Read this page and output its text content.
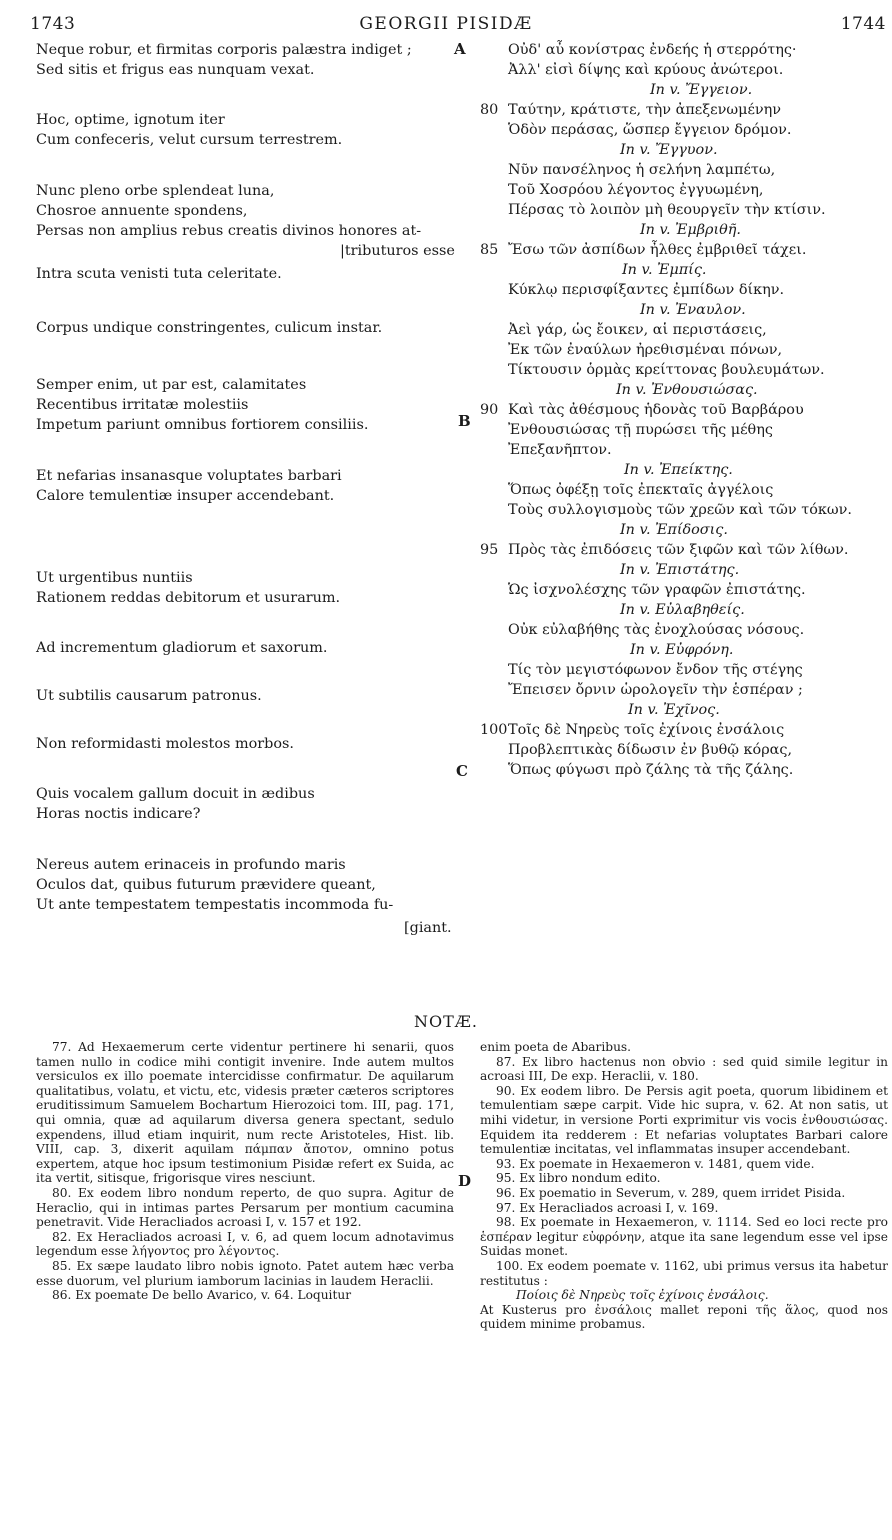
1743	GEORGII PISIDÆ	1744
A
B
C
Neque robur, et firmitas corporis palæstra indiget ;
Sed sitis et frigus eas nunquam vexat.
Hoc, optime, ignotum iter
Cum confeceris, velut cursum terrestrem.
Nunc pleno orbe splendeat luna,
Chosroe annuente spondens,
Persas non amplius rebus creatis divinos honores at-
|tributuros esse
Intra scuta venisti tuta celeritate.
Corpus undique constringentes, culicum instar.
Semper enim, ut par est, calamitates
Recentibus irritatæ molestiis
Impetum pariunt omnibus fortiorem consiliis.
Et nefarias insanasque voluptates barbari
Calore temulentiæ insuper accendebant.
Ut urgentibus nuntiis
Rationem reddas debitorum et usurarum.
Ad incrementum gladiorum et saxorum.
Ut subtilis causarum patronus.
Non reformidasti molestos morbos.
Quis vocalem gallum docuit in ædibus
Horas noctis indicare?
Nereus autem erinaceis in profundo maris
Oculos dat, quibus futurum prævidere queant,
Ut ante tempestatem tempestatis incommoda fu-
[giant.
Οὐδ' αὖ κονίστρας ἐνδεής ἡ στερρότης·
Ἀλλ' εἰσὶ δίψης καὶ κρύους ἀνώτεροι.
In v. Ἔγγειον.
80 Ταύτην, κράτιστε, τὴν ἀπεξενωμένην
Ὁδὸν περάσας, ὥσπερ ἔγγειον δρόμον.
In v. Ἔγγυον.
Νῦν πανσέληνος ἡ σελήνη λαμπέτω,
Τοῦ Χοσρόου λέγοντος ἐγγυωμένη,
Πέρσας τὸ λοιπὸν μὴ θεουργεῖν τὴν κτίσιν.
In v. Ἐμβριθῆ.
85 Ἔσω τῶν ἀσπίδων ἦλθες ἐμβριθεῖ τάχει.
In v. Ἐμπίς.
Κύκλῳ περισφίξαντες ἐμπίδων δίκην.
In v. Ἐναυλον.
Ἀεὶ γάρ, ὡς ἔοικεν, αἱ περιστάσεις,
Ἐκ τῶν ἐναύλων ἠρεθισμέναι πόνων,
Τίκτουσιν ὁρμὰς κρείττονας βουλευμάτων.
In v. Ἐνθουσιώσας.
90 Καὶ τὰς ἀθέσμους ἡδονὰς τοῦ Βαρβάρου
Ἐνθουσιώσας τῇ πυρώσει τῆς μέθης
Ἐπεξανῆπτον.
In v. Ἐπείκτης.
Ὅπως ὀφέξῃ τοῖς ἐπεκταῖς ἀγγέλοις
Τοὺς συλλογισμοὺς τῶν χρεῶν καὶ τῶν τόκων.
In v. Ἐπίδοσις.
95 Πρὸς τὰς ἐπιδόσεις τῶν ξιφῶν καὶ τῶν λίθων.
In v. Ἐπιστάτης.
Ὡς ἰσχνολέσχης τῶν γραφῶν ἐπιστάτης.
In v. Εὐλαβηθείς.
Οὐκ εὐλαβήθης τὰς ἐνοχλούσας νόσους.
In v. Εὐφρόνη.
Τίς τὸν μεγιστόφωνον ἔνδον τῆς στέγης
Ἔπεισεν ὄρνιν ὡρολογεῖν τὴν ἑσπέραν ;
In v. Ἐχῖνος.
100 Τοῖς δὲ Νηρεὺς τοῖς ἐχίνοις ἐνσάλοις
Προβλεπτικὰς δίδωσιν ἐν βυθῷ κόρας,
Ὅπως φύγωσι πρὸ ζάλης τὰ τῆς ζάλης.
NOTÆ.

77. Ad Hexaemerum certe videntur pertinere hi senarii, quos tamen nullo in codice mihi contigit invenire. Inde autem multos versiculos ex illo poemate intercidisse confirmatur. De aquilarum qualitatibus, volatu, et victu, etc, videsis præter cæteros scriptores eruditissimum Samuelem Bochartum Hierozoici tom. III, pag. 171, qui omnia, quæ ad aquilarum diversa genera spectant, sedulo expendens, illud etiam inquirit, num recte Aristoteles, Hist. lib. VIII, cap. 3, dixerit aquilam πάμπαν ἄποτον, omnino potus expertem, atque hoc ipsum testimonium Pisidæ refert ex Suida, ac ita vertit, sitisque, frigorisque vires nesciunt.

80. Ex eodem libro nondum reperto, de quo supra. Agitur de Heraclio, qui in intimas partes Persarum per montium cacumina penetravit. Vide Heracliados acroasi I, v. 157 et 192.

82. Ex Heracliados acroasi I, v. 6, ad quem locum adnotavimus legendum esse λήγοντος pro λέγοντος.

85. Ex sæpe laudato libro nobis ignoto. Patet autem hæc verba esse duorum, vel plurium iamborum lacinias in laudem Heraclii.

86. Ex poemate De bello Avarico, v. 64. Loquitur

D

enim poeta de Abaribus.

87. Ex libro hactenus non obvio : sed quid simile legitur in acroasi III, De exp. Heraclii, v. 180.

90. Ex eodem libro. De Persis agit poeta, quorum libidinem et temulentiam sæpe carpit. Vide hic supra, v. 62. At non satis, ut mihi videtur, in versione Porti exprimitur vis vocis ἐνθουσιώσας. Equidem ita redderem : Et nefarias voluptates Barbari calore temulentiæ incitatas, vel inflammatas insuper accendebant.

93. Ex poemate in Hexaemeron v. 1481, quem vide.

95. Ex libro nondum edito.

96. Ex poematio in Severum, v. 289, quem irridet Pisida.

97. Ex Heracliados acroasi I, v. 169.

98. Ex poemate in Hexaemeron, v. 1114. Sed eo loci recte pro ἑσπέραν legitur εὐφρόνην, atque ita sane legendum esse vel ipse Suidas monet.

100. Ex eodem poemate v. 1162, ubi primus versus ita habetur restitutus :

Ποίοις δὲ Νηρεὺς τοῖς ἐχίνοις ἐνσάλοις.

At Kusterus pro ἐνσάλοις mallet reponi τῆς ἅλος, quod nos quidem minime probamus.
